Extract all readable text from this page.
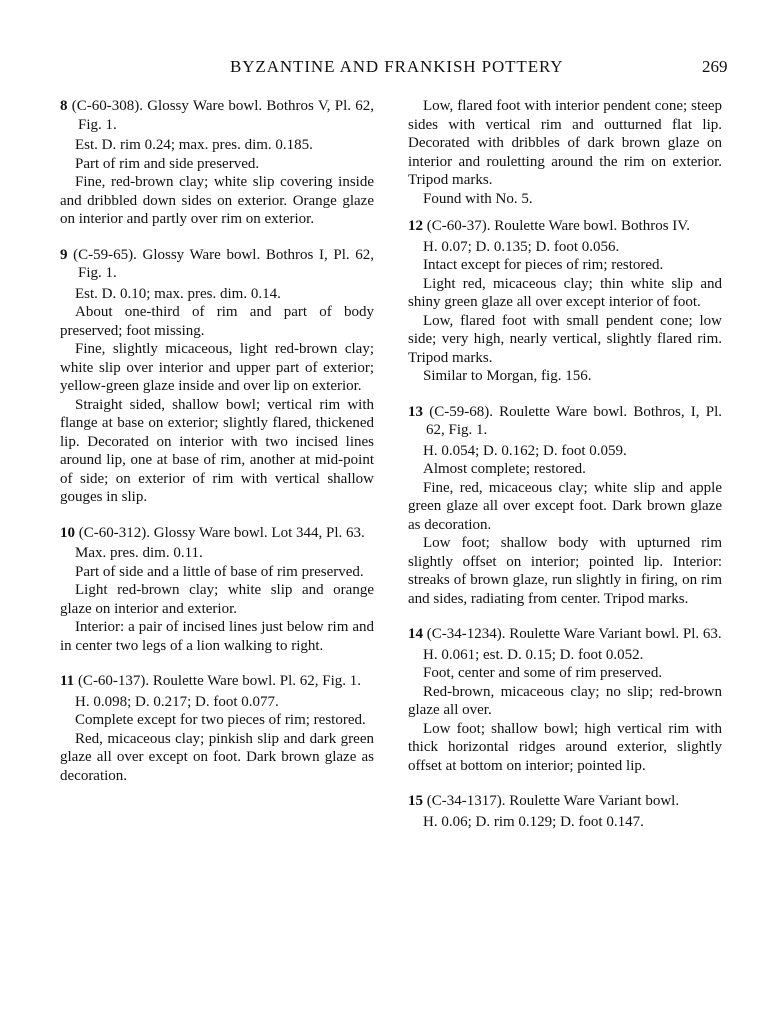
BYZANTINE AND FRANKISH POTTERY	269
8 (C-60-308). Glossy Ware bowl. Bothros V, Pl. 62, Fig. 1.

Est. D. rim 0.24; max. pres. dim. 0.185.

Part of rim and side preserved.

Fine, red-brown clay; white slip covering inside and dribbled down sides on exterior. Orange glaze on interior and partly over rim on exterior.

9 (C-59-65). Glossy Ware bowl. Bothros I, Pl. 62, Fig. 1.

Est. D. 0.10; max. pres. dim. 0.14.

About one-third of rim and part of body preserved; foot missing.

Fine, slightly micaceous, light red-brown clay; white slip over interior and upper part of exterior; yellow-green glaze inside and over lip on exterior.

Straight sided, shallow bowl; vertical rim with flange at base on exterior; slightly flared, thickened lip. Decorated on interior with two incised lines around lip, one at base of rim, another at mid-point of side; on exterior of rim with vertical shallow gouges in slip.

10 (C-60-312). Glossy Ware bowl. Lot 344, Pl. 63.

Max. pres. dim. 0.11.

Part of side and a little of base of rim preserved.

Light red-brown clay; white slip and orange glaze on interior and exterior.

Interior: a pair of incised lines just below rim and in center two legs of a lion walking to right.

11 (C-60-137). Roulette Ware bowl. Pl. 62, Fig. 1.

H. 0.098; D. 0.217; D. foot 0.077.

Complete except for two pieces of rim; restored.

Red, micaceous clay; pinkish slip and dark green glaze all over except on foot. Dark brown glaze as decoration.

Low, flared foot with interior pendent cone; steep sides with vertical rim and outturned flat lip. Decorated with dribbles of dark brown glaze on interior and rouletting around the rim on exterior. Tripod marks.

Found with No. 5.

12 (C-60-37). Roulette Ware bowl. Bothros IV.

H. 0.07; D. 0.135; D. foot 0.056.

Intact except for pieces of rim; restored.

Light red, micaceous clay; thin white slip and shiny green glaze all over except interior of foot.

Low, flared foot with small pendent cone; low side; very high, nearly vertical, slightly flared rim. Tripod marks.

Similar to Morgan, fig. 156.

13 (C-59-68). Roulette Ware bowl. Bothros, I, Pl. 62, Fig. 1.

H. 0.054; D. 0.162; D. foot 0.059.

Almost complete; restored.

Fine, red, micaceous clay; white slip and apple green glaze all over except foot. Dark brown glaze as decoration.

Low foot; shallow body with upturned rim slightly offset on interior; pointed lip. Interior: streaks of brown glaze, run slightly in firing, on rim and sides, radiating from center. Tripod marks.

14 (C-34-1234). Roulette Ware Variant bowl. Pl. 63.

H. 0.061; est. D. 0.15; D. foot 0.052.

Foot, center and some of rim preserved.

Red-brown, micaceous clay; no slip; red-brown glaze all over.

Low foot; shallow bowl; high vertical rim with thick horizontal ridges around exterior, slightly offset at bottom on interior; pointed lip.

15 (C-34-1317). Roulette Ware Variant bowl.

H. 0.06; D. rim 0.129; D. foot 0.147.
